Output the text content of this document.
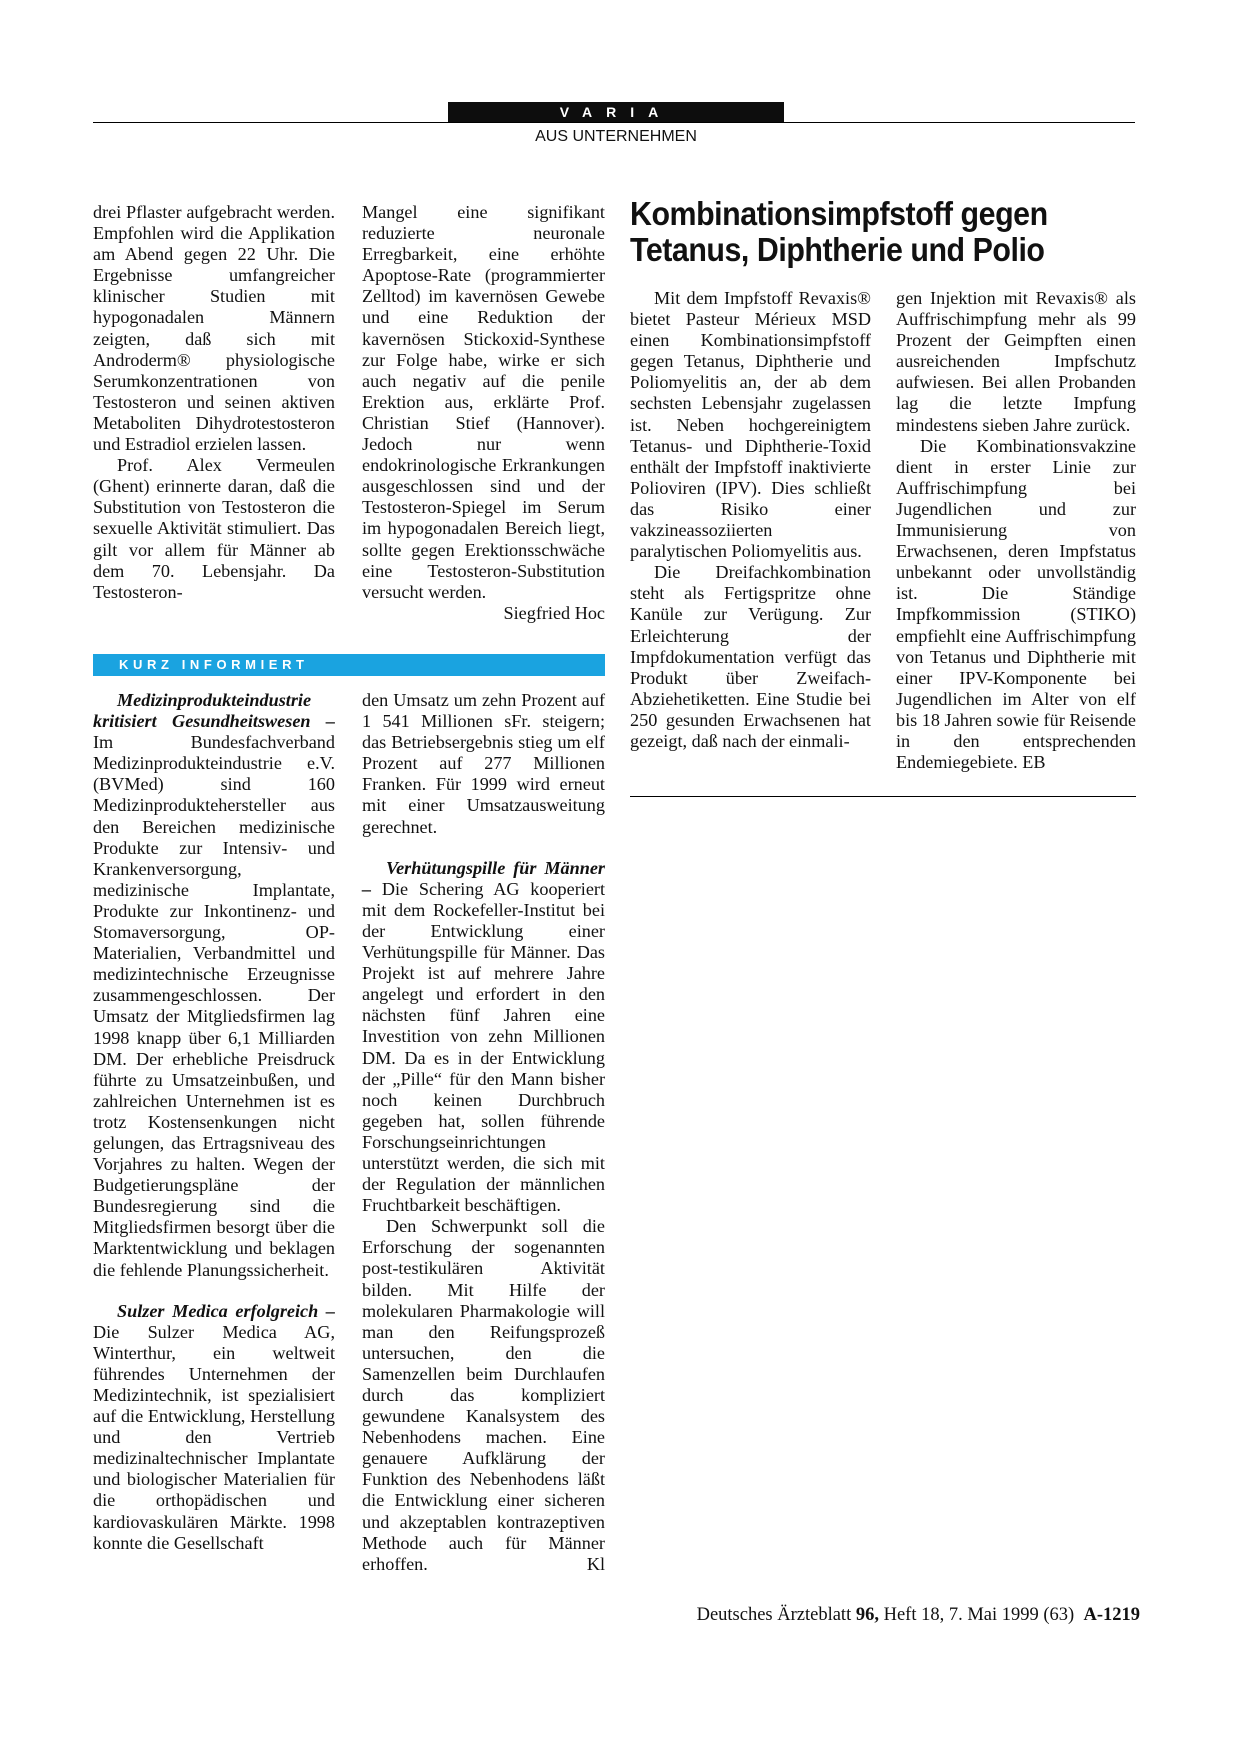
VARIA
AUS UNTERNEHMEN

drei Pflaster aufgebracht werden. Empfohlen wird die Applikation am Abend gegen 22 Uhr. Die Ergebnisse umfangreicher klinischer Studien mit hypogonadalen Männern zeigten, daß sich mit Androderm® physiologische Serumkonzentrationen von Testosteron und seinen aktiven Metaboliten Dihydrotestosteron und Estradiol erzielen lassen.

Prof. Alex Vermeulen (Ghent) erinnerte daran, daß die Substitution von Testosteron die sexuelle Aktivität stimuliert. Das gilt vor allem für Männer ab dem 70. Lebensjahr. Da Testosteron-

Mangel eine signifikant reduzierte neuronale Erregbarkeit, eine erhöhte Apoptose-Rate (programmierter Zelltod) im kavernösen Gewebe und eine Reduktion der kavernösen Stickoxid-Synthese zur Folge habe, wirke er sich auch negativ auf die penile Erektion aus, erklärte Prof. Christian Stief (Hannover). Jedoch nur wenn endokrinologische Erkrankungen ausgeschlossen sind und der Testosteron-Spiegel im Serum im hypogonadalen Bereich liegt, sollte gegen Erektionsschwäche eine Testosteron-Substitution versucht werden.

Siegfried Hoc
Kombinationsimpfstoff gegen Tetanus, Diphtherie und Polio

Mit dem Impfstoff Revaxis® bietet Pasteur Mérieux MSD einen Kombinationsimpfstoff gegen Tetanus, Diphtherie und Poliomyelitis an, der ab dem sechsten Lebensjahr zugelassen ist. Neben hochgereinigtem Tetanus- und Diphtherie-Toxid enthält der Impfstoff inaktivierte Polioviren (IPV). Dies schließt das Risiko einer vakzineassoziierten paralytischen Poliomyelitis aus.

Die Dreifachkombination steht als Fertigspritze ohne Kanüle zur Verügung. Zur Erleichterung der Impfdokumentation verfügt das Produkt über Zweifach-Abziehetiketten. Eine Studie bei 250 gesunden Erwachsenen hat gezeigt, daß nach der einmali-

gen Injektion mit Revaxis® als Auffrischimpfung mehr als 99 Prozent der Geimpften einen ausreichenden Impfschutz aufwiesen. Bei allen Probanden lag die letzte Impfung mindestens sieben Jahre zurück.

Die Kombinationsvakzine dient in erster Linie zur Auffrischimpfung bei Jugendlichen und zur Immunisierung von Erwachsenen, deren Impfstatus unbekannt oder unvollständig ist. Die Ständige Impfkommission (STIKO) empfiehlt eine Auffrischimpfung von Tetanus und Diphtherie mit einer IPV-Komponente bei Jugendlichen im Alter von elf bis 18 Jahren sowie für Reisende in den entsprechenden Endemiegebiete. EB

KURZ INFORMIERT

Medizinprodukteindustrie kritisiert Gesundheitswesen – Im Bundesfachverband Medizinprodukteindustrie e.V. (BVMed) sind 160 Medizinproduktehersteller aus den Bereichen medizinische Produkte zur Intensiv- und Krankenversorgung, medizinische Implantate, Produkte zur Inkontinenz- und Stomaversorgung, OP-Materialien, Verbandmittel und medizintechnische Erzeugnisse zusammengeschlossen. Der Umsatz der Mitgliedsfirmen lag 1998 knapp über 6,1 Milliarden DM. Der erhebliche Preisdruck führte zu Umsatzeinbußen, und zahlreichen Unternehmen ist es trotz Kostensenkungen nicht gelungen, das Ertragsniveau des Vorjahres zu halten. Wegen der Budgetierungspläne der Bundesregierung sind die Mitgliedsfirmen besorgt über die Marktentwicklung und beklagen die fehlende Planungssicherheit.

Sulzer Medica erfolgreich – Die Sulzer Medica AG, Winterthur, ein weltweit führendes Unternehmen der Medizintechnik, ist spezialisiert auf die Entwicklung, Herstellung und den Vertrieb medizinaltechnischer Implantate und biologischer Materialien für die orthopädischen und kardiovaskulären Märkte. 1998 konnte die Gesellschaft

den Umsatz um zehn Prozent auf 1 541 Millionen sFr. steigern; das Betriebsergebnis stieg um elf Prozent auf 277 Millionen Franken. Für 1999 wird erneut mit einer Umsatzausweitung gerechnet.

Verhütungspille für Männer – Die Schering AG kooperiert mit dem Rockefeller-Institut bei der Entwicklung einer Verhütungspille für Männer. Das Projekt ist auf mehrere Jahre angelegt und erfordert in den nächsten fünf Jahren eine Investition von zehn Millionen DM. Da es in der Entwicklung der „Pille“ für den Mann bisher noch keinen Durchbruch gegeben hat, sollen führende Forschungseinrichtungen unterstützt werden, die sich mit der Regulation der männlichen Fruchtbarkeit beschäftigen.

Den Schwerpunkt soll die Erforschung der sogenannten post-testikulären Aktivität bilden. Mit Hilfe der molekularen Pharmakologie will man den Reifungsprozeß untersuchen, den die Samenzellen beim Durchlaufen durch das kompliziert gewundene Kanalsystem des Nebenhodens machen. Eine genauere Aufklärung der Funktion des Nebenhodens läßt die Entwicklung einer sicheren und akzeptablen kontrazeptiven Methode auch für Männer erhoffen.	Kl
Deutsches Ärzteblatt 96, Heft 18, 7. Mai 1999 (63) A-1219
